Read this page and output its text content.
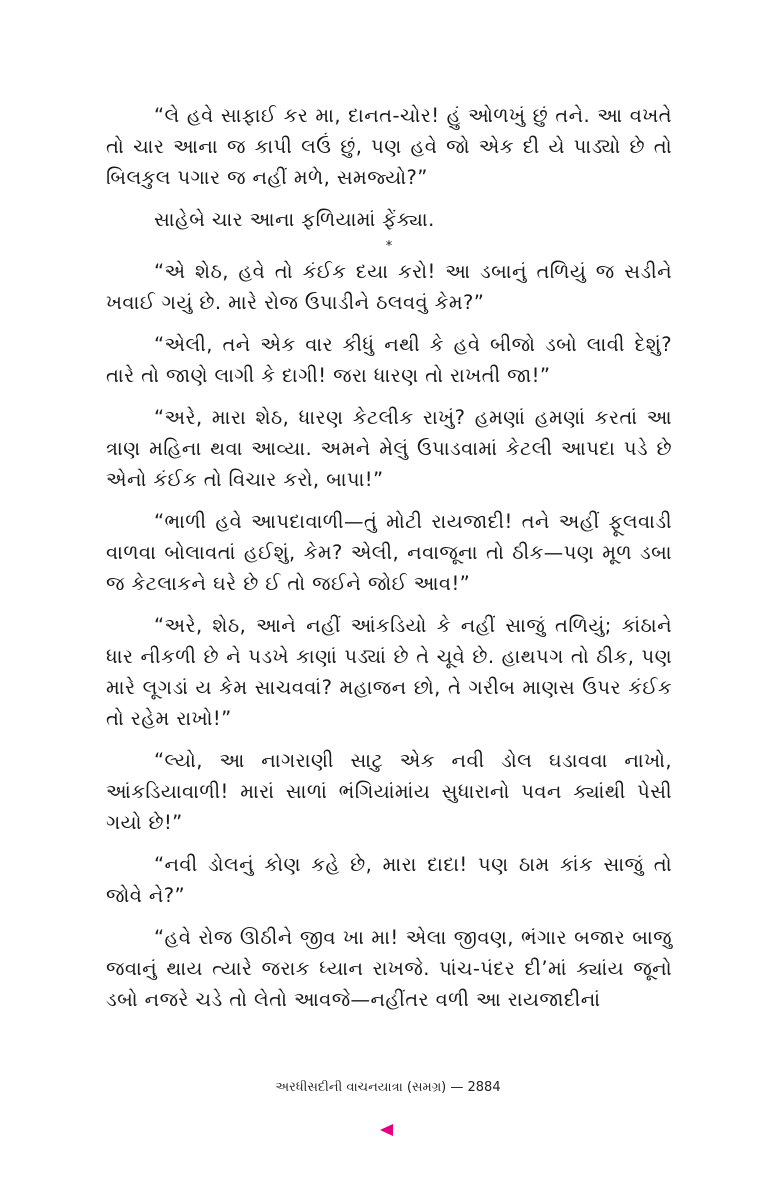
“લે હવે સાફાઈ કર મા, દાનત-ચોર! હું ઓળખું છું તને. આ વખતે તો ચાર આના જ કાપી લઉં છું, પણ હવે જો એક દી યે પાડ્યો છે તો બિલકુલ પગાર જ નહીં મળે, સમજ્યો?”

સાહેબે ચાર આના ફળિયામાં ફેંક્યા.

*

“એ શેઠ, હવે તો કંઈક દયા કરો! આ ડબાનું તળિયું જ સડીને ખવાઈ ગયું છે. મારે રોજ ઉપાડીને ઠલવવું કેમ?”

“એલી, તને એક વાર કીધું નથી કે હવે બીજો ડબો લાવી દેશું? તારે તો જાણે લાગી કે દાગી! જરા ધારણ તો રાખતી જા!”

“અરે, મારા શેઠ, ધારણ કેટલીક રાખું? હમણાં હમણાં કરતાં આ ત્રાણ મહિના થવા આવ્યા. અમને મેલું ઉપાડવામાં કેટલી આપદા પડે છે એનો કંઈક તો વિચાર કરો, બાપા!”

“ભાળી હવે આપદાવાળી—તું મોટી રાયજાદી! તને અહીં ફૂલવાડી વાળવા બોલાવતાં હઈશું, કેમ? એલી, નવાજૂના તો ઠીક—પણ મૂળ ડબા જ કેટલાકને ઘરે છે ઈ તો જઈને જોઈ આવ!”

“અરે, શેઠ, આને નહીં આંકડિયો કે નહીં સાજું તળિયું; કાંઠાને ધાર નીકળી છે ને પડખે કાણાં પડ્યાં છે તે ચૂવે છે. હાથપગ તો ઠીક, પણ મારે લૂગડાં ય કેમ સાચવવાં? મહાજન છો, તે ગરીબ માણસ ઉપર કંઈક તો રહેમ રાખો!”

“લ્યો, આ નાગરાણી સાટુ એક નવી ડોલ ઘડાવવા નાખો, આંકડિયાવાળી! મારાં સાળાં ભંગિયાંમાંય સુધારાનો પવન ક્યાંથી પેસી ગયો છે!”

“નવી ડોલનું કોણ કહે છે, મારા દાદા! પણ ઠામ કાંક સાજું તો જોવે ને?”

“હવે રોજ ઊઠીને જીવ ખા મા! એલા જીવણ, ભંગાર બજાર બાજુ જવાનું થાય ત્યારે જરાક ધ્યાન રાખજે. પાંચ-પંદર દી’માં ક્યાંય જૂનો ડબો નજરે ચડે તો લેતો આવજે—નહીંતર વળી આ રાયજાદીનાં

અરધીસદીની વાચનયાત્રા (સમગ્ર) — 2884
